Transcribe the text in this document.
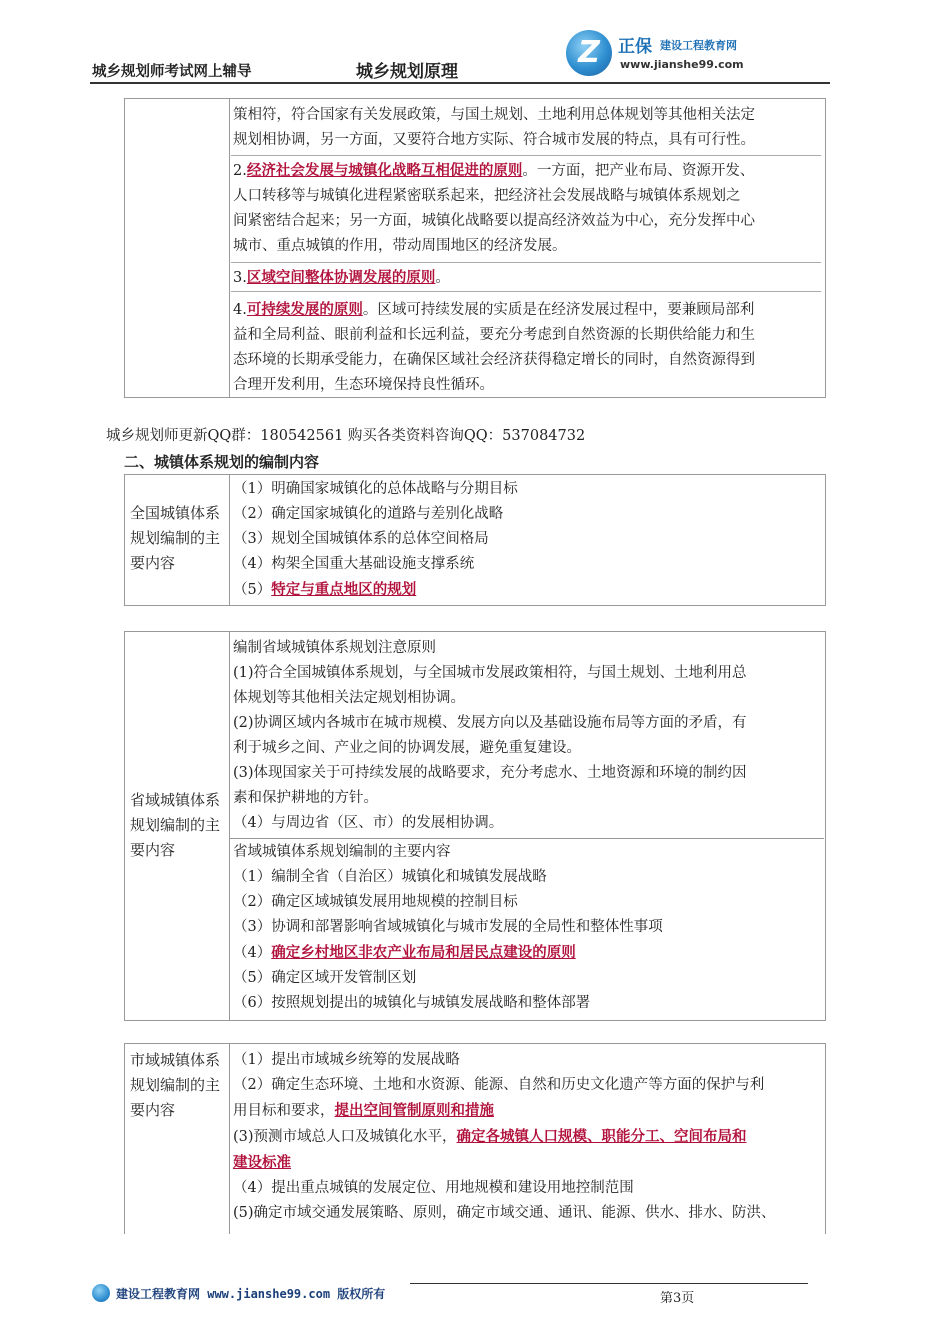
城乡规划师考试网上辅导	城乡规划原理
Z	正保 建设工程教育网
www.jianshe99.com
策相符，符合国家有关发展政策，与国土规划、土地利用总体规划等其他相关法定
规划相协调，另一方面，又要符合地方实际、符合城市发展的特点，具有可行性。
2.经济社会发展与城镇化战略互相促进的原则。一方面，把产业布局、资源开发、
人口转移等与城镇化进程紧密联系起来，把经济社会发展战略与城镇体系规划之
间紧密结合起来；另一方面，城镇化战略要以提高经济效益为中心，充分发挥中心
城市、重点城镇的作用，带动周围地区的经济发展。
3.区域空间整体协调发展的原则。
4.可持续发展的原则。区域可持续发展的实质是在经济发展过程中，要兼顾局部利
益和全局利益、眼前利益和长远利益，要充分考虑到自然资源的长期供给能力和生
态环境的长期承受能力，在确保区域社会经济获得稳定增长的同时，自然资源得到
合理开发利用，生态环境保持良性循环。
城乡规划师更新QQ群：180542561 购买各类资料咨询QQ：537084732
二、城镇体系规划的编制内容
全国城镇体系
规划编制的主
要内容
（1）明确国家城镇化的总体战略与分期目标
（2）确定国家城镇化的道路与差别化战略
（3）规划全国城镇体系的总体空间格局
（4）构架全国重大基础设施支撑系统
（5）特定与重点地区的规划
省域城镇体系
规划编制的主
要内容
编制省域城镇体系规划注意原则
(1)符合全国城镇体系规划，与全国城市发展政策相符，与国土规划、土地利用总
体规划等其他相关法定规划相协调。
(2)协调区域内各城市在城市规模、发展方向以及基础设施布局等方面的矛盾，有
利于城乡之间、产业之间的协调发展，避免重复建设。
(3)体现国家关于可持续发展的战略要求，充分考虑水、土地资源和环境的制约因
素和保护耕地的方针。
（4）与周边省（区、市）的发展相协调。
省域城镇体系规划编制的主要内容
（1）编制全省（自治区）城镇化和城镇发展战略
（2）确定区域城镇发展用地规模的控制目标
（3）协调和部署影响省域城镇化与城市发展的全局性和整体性事项
（4）确定乡村地区非农产业布局和居民点建设的原则
（5）确定区域开发管制区划
（6）按照规划提出的城镇化与城镇发展战略和整体部署
市域城镇体系
规划编制的主
要内容
（1）提出市域城乡统筹的发展战略
（2）确定生态环境、土地和水资源、能源、自然和历史文化遗产等方面的保护与利
用目标和要求，提出空间管制原则和措施
(3)预测市域总人口及城镇化水平，确定各城镇人口规模、职能分工、空间布局和
建设标准
（4）提出重点城镇的发展定位、用地规模和建设用地控制范围
(5)确定市域交通发展策略、原则，确定市域交通、通讯、能源、供水、排水、防洪、
建设工程教育网 www.jianshe99.com 版权所有	第3页
